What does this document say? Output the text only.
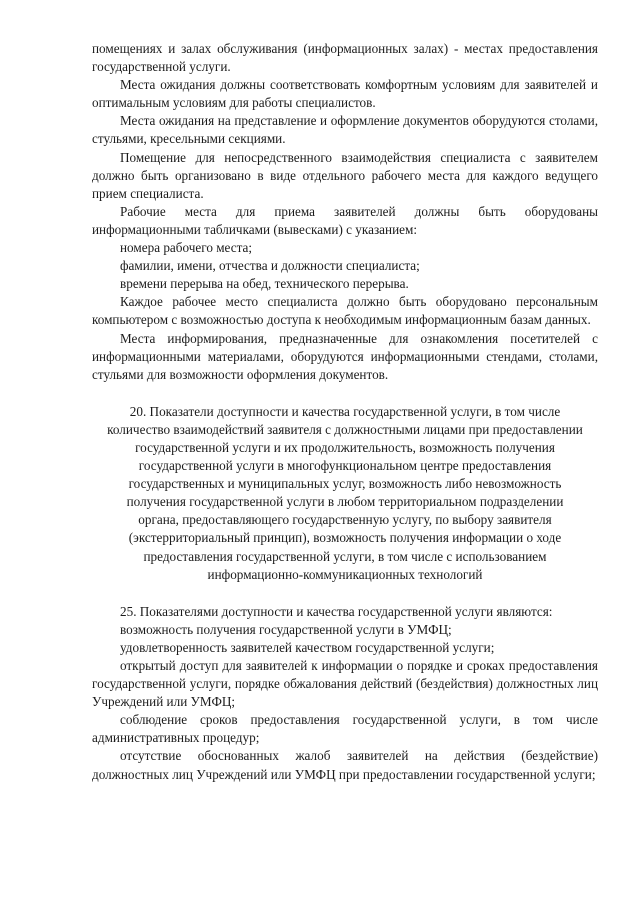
помещениях и залах обслуживания (информационных залах) - местах предоставления государственной услуги.

Места ожидания должны соответствовать комфортным условиям для заявителей и оптимальным условиям для работы специалистов.

Места ожидания на представление и оформление документов оборудуются столами, стульями, кресельными секциями.

Помещение для непосредственного взаимодействия специалиста с заявителем должно быть организовано в виде отдельного рабочего места для каждого ведущего прием специалиста.

Рабочие места для приема заявителей должны быть оборудованы информационными табличками (вывесками) с указанием:

номера рабочего места;

фамилии, имени, отчества и должности специалиста;

времени перерыва на обед, технического перерыва.

Каждое рабочее место специалиста должно быть оборудовано персональным компьютером с возможностью доступа к необходимым информационным базам данных.

Места информирования, предназначенные для ознакомления посетителей с информационными материалами, оборудуются информационными стендами, столами, стульями для возможности оформления документов.

20. Показатели доступности и качества государственной услуги, в том числе количество взаимодействий заявителя с должностными лицами при предоставлении государственной услуги и их продолжительность, возможность получения государственной услуги в многофункциональном центре предоставления государственных и муниципальных услуг, возможность либо невозможность получения государственной услуги в любом территориальном подразделении органа, предоставляющего государственную услугу, по выбору заявителя (экстерриториальный принцип), возможность получения информации о ходе предоставления государственной услуги, в том числе с использованием информационно-коммуникационных технологий

25. Показателями доступности и качества государственной услуги являются:

возможность получения государственной услуги в УМФЦ;

удовлетворенность заявителей качеством государственной услуги;

открытый доступ для заявителей к информации о порядке и сроках предоставления государственной услуги, порядке обжалования действий (бездействия) должностных лиц Учреждений или УМФЦ;

соблюдение сроков предоставления государственной услуги, в том числе административных процедур;

отсутствие обоснованных жалоб заявителей на действия (бездействие) должностных лиц Учреждений или УМФЦ при предоставлении государственной услуги;
